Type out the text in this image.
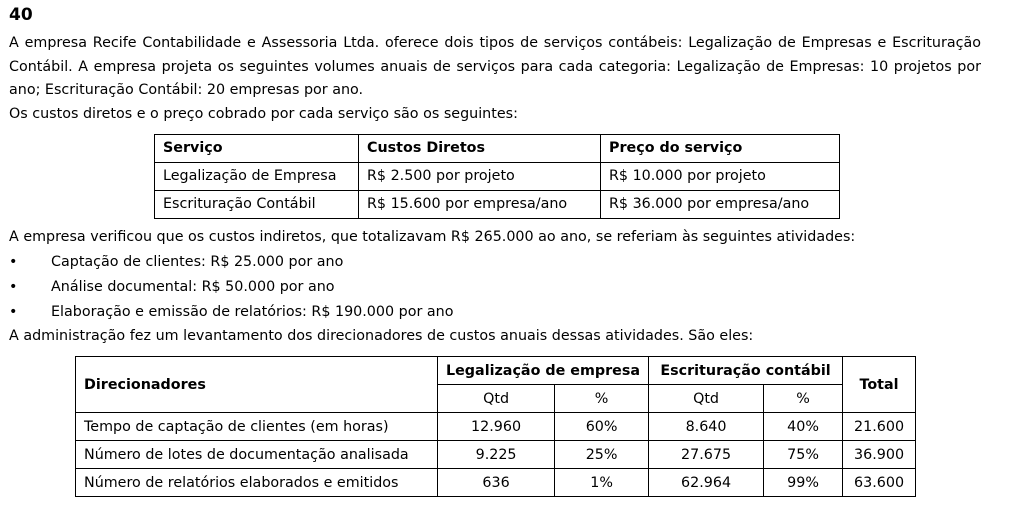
40

A empresa Recife Contabilidade e Assessoria Ltda. oferece dois tipos de serviços contábeis: Legalização de Empresas e Escrituração Contábil. A empresa projeta os seguintes volumes anuais de serviços para cada categoria: Legalização de Empresas: 10 projetos por ano; Escrituração Contábil: 20 empresas por ano.

Os custos diretos e o preço cobrado por cada serviço são os seguintes:

Serviço	Custos Diretos	Preço do serviço
Legalização de Empresa	R$ 2.500 por projeto	R$ 10.000 por projeto
Escrituração Contábil	R$ 15.600 por empresa/ano	R$ 36.000 por empresa/ano

A empresa verificou que os custos indiretos, que totalizavam R$ 265.000 ao ano, se referiam às seguintes atividades:

• Captação de clientes: R$ 25.000 por ano
• Análise documental: R$ 50.000 por ano
• Elaboração e emissão de relatórios: R$ 190.000 por ano

A administração fez um levantamento dos direcionadores de custos anuais dessas atividades. São eles:

Direcionadores	Legalização de empresa		Escrituração contábil		Total
	Qtd	%	Qtd	%	
Tempo de captação de clientes (em horas)	12.960	60%	8.640	40%	21.600
Número de lotes de documentação analisada	9.225	25%	27.675	75%	36.900
Número de relatórios elaborados e emitidos	636	1%	62.964	99%	63.600
